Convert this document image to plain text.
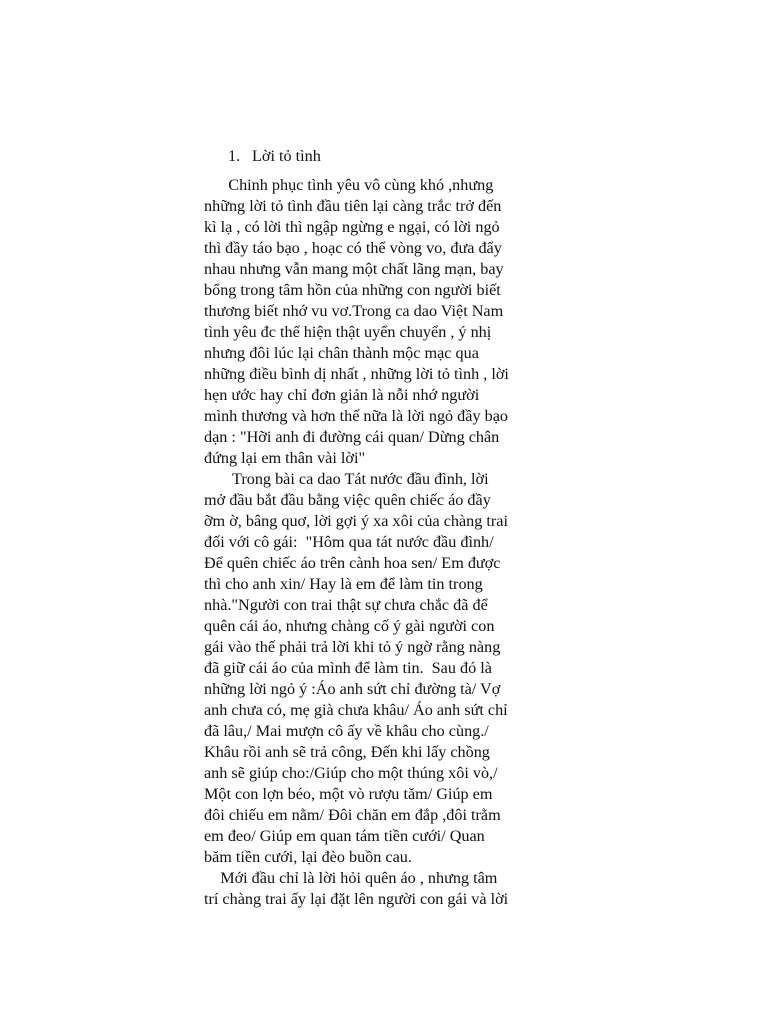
1. Lời tỏ tình
Chinh phục tình yêu vô cùng khó ,nhưng
những lời tỏ tình đầu tiên lại càng trắc trở đến
kì lạ , có lời thì ngập ngừng e ngại, có lời ngỏ
thì đầy táo bạo , hoạc có thể vòng vo, đưa đẩy
nhau nhưng vẫn mang một chất lãng mạn, bay
bổng trong tâm hồn của những con người biết
thương biết nhớ vu vơ.Trong ca dao Việt Nam
tình yêu đc thể hiện thật uyển chuyển , ý nhị
nhưng đôi lúc lại chân thành mộc mạc qua
những điều bình dị nhất , những lời tỏ tình , lời
hẹn ước hay chỉ đơn giản là nỗi nhớ người
mình thương và hơn thế nữa là lời ngỏ đầy bạo
dạn : "Hỡi anh đi đường cái quan/ Dừng chân
đứng lại em thân vài lời"
Trong bài ca dao Tát nước đầu đình, lời
mở đầu bắt đầu bằng việc quên chiếc áo đầy
ỡm ờ, bâng quơ, lời gợi ý xa xôi của chàng trai
đối với cô gái:  "Hôm qua tát nước đầu đình/
Để quên chiếc áo trên cành hoa sen/ Em được
thì cho anh xin/ Hay là em để làm tin trong
nhà."Người con trai thật sự chưa chắc đã để
quên cái áo, nhưng chàng cố ý gài người con
gái vào thế phải trả lời khi tỏ ý ngờ rằng nàng
đã giữ cái áo của mình để làm tin.  Sau đó là
những lời ngỏ ý :Áo anh sứt chỉ đường tà/ Vợ
anh chưa có, mẹ già chưa khâu/ Áo anh sứt chỉ
đã lâu,/ Mai mượn cô ấy về khâu cho cùng./
Khâu rồi anh sẽ trả công, Đến khi lấy chồng
anh sẽ giúp cho:/Giúp cho một thúng xôi vò,/
Một con lợn béo, một vò rượu tăm/ Giúp em
đôi chiếu em nằm/ Đôi chăn em đắp ,đôi trằm
em đeo/ Giúp em quan tám tiền cưới/ Quan
băm tiền cưới, lại đèo buồn cau.
Mới đầu chỉ là lời hỏi quên áo , nhưng tâm
trí chàng trai ấy lại đặt lên người con gái và lời
